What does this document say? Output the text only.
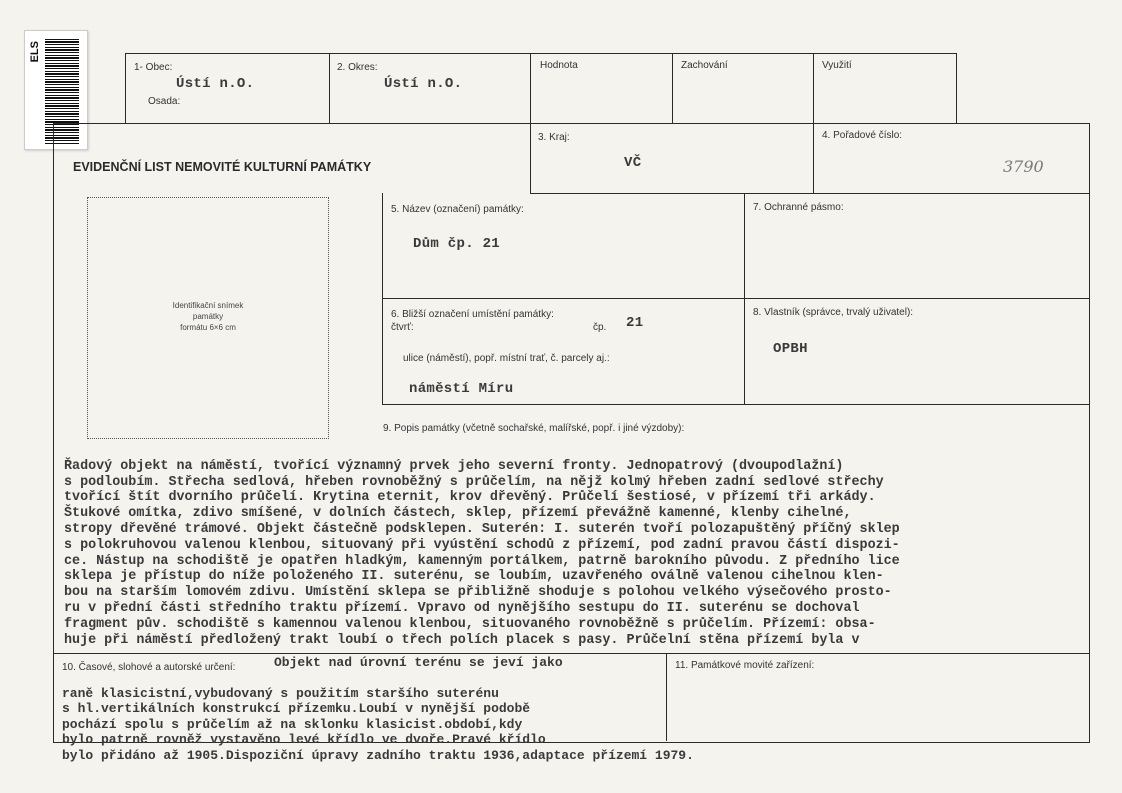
ELS
1- Obec:
Ústí n.O.
Osada:
2. Okres:
Ústí n.O.
Hodnota	Zachování	Využití
EVIDENČNÍ LIST NEMOVITÉ KULTURNÍ PAMÁTKY
3. Kraj:
VČ
4. Pořadové číslo:
3790
Identifikační snímek
památky
formátu 6×6 cm
5. Název (označení) památky:
Dům čp. 21
7. Ochranné pásmo:
6. Bližší označení umístění památky:
čtvrť:	čp. 21
ulice (náměstí), popř. místní trať, č. parcely aj.:
náměstí Míru
8. Vlastník (správce, trvalý uživatel):
OPBH
9. Popis památky (včetně sochařské, malířské, popř. i jiné výzdoby):

Řadový objekt na náměstí, tvořící významný prvek jeho severní fronty. Jednopatrový (dvoupodlažní)
s podloubím. Střecha sedlová, hřeben rovnoběžný s průčelím, na nějž kolmý hřeben zadní sedlové střechy
tvořící štít dvorního průčelí. Krytina eternit, krov dřevěný. Průčelí šestiosé, v přízemí tři arkády.
Štukové omítka, zdivo smíšené, v dolních částech, sklep, přízemí převážně kamenné, klenby cihelné,
stropy dřevěné trámové. Objekt částečně podsklepen. Suterén: I. suterén tvoří polozapuštěný příčný sklep
s polokruhovou valenou klenbou, situovaný při vyústění schodů z přízemí, pod zadní pravou částí dispozi-
ce. Nástup na schodiště je opatřen hladkým, kamenným portálkem, patrně barokního původu. Z předního lice
sklepa je přístup do níže položeného II. suterénu, se loubím, uzavřeného oválně valenou cihelnou klen-
bou na starším lomovém zdivu. Umístění sklepa se přibližně shoduje s polohou velkého výsečového prosto-
ru v přední části středního traktu přízemí. Vpravo od nynějšího sestupu do II. suterénu se dochoval
fragment pův. schodiště s kamennou valenou klenbou, situovaného rovnoběžně s průčelím. Přízemí: obsa-
huje při náměstí předložený trakt loubí o třech polích placek s pasy. Průčelní stěna přízemí byla v

10. Časové, slohové a autorské určení:	11. Památkové movité zařízení:
Objekt nad úrovní terénu se jeví jako

raně klasicistní,vybudovaný s použitím staršího suterénu
s hl.vertikálních konstrukcí přízemku.Loubí v nynější podobě
pochází spolu s průčelím až na sklonku klasicist.období,kdy
bylo patrně rovněž vystavěno levé křídlo ve dvoře.Pravé křídlo
bylo přidáno až 1905.Dispoziční úpravy zadního traktu 1936,adaptace přízemí 1979.
